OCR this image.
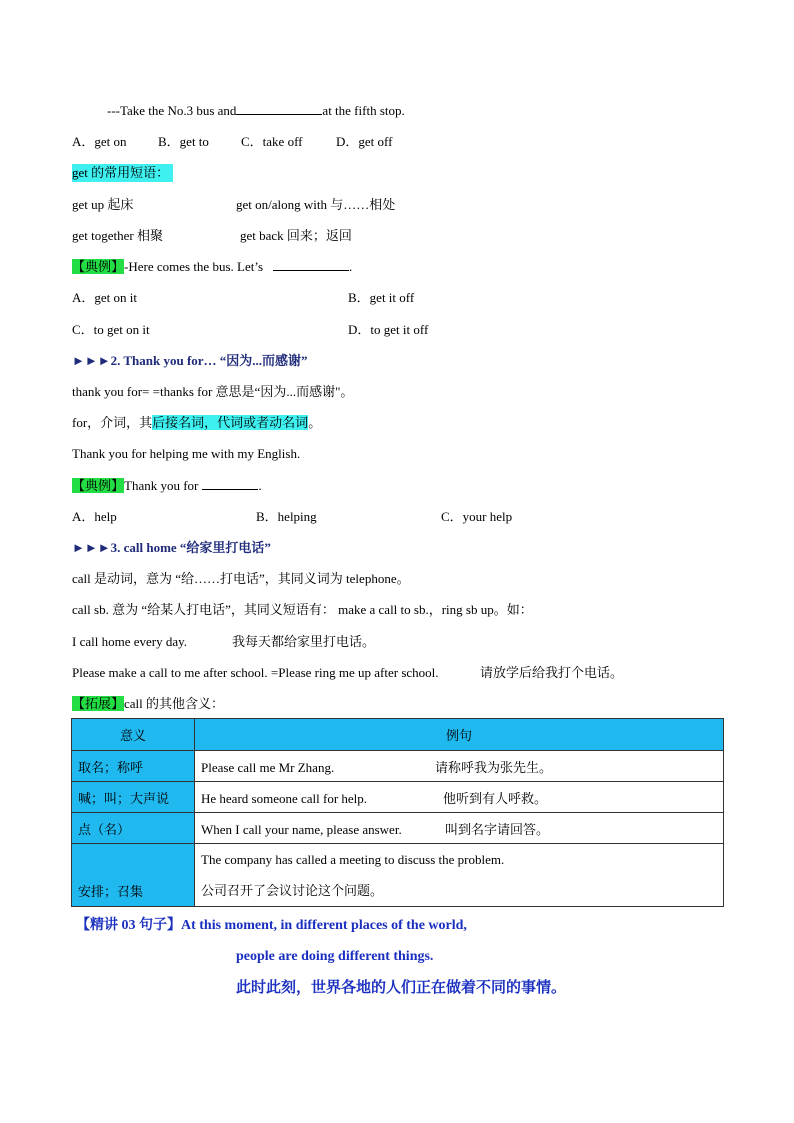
---Take the No.3 bus and	at the fifth stop.
A．get on B．get to C．take off	D．get off
get 的常用短语：
get up 起床	get on/along with 与……相处
get together 相聚	get back 回来；返回
【典例】-Here comes the bus. Let’s	.
A．get on it	B．get it off
C．to get on it	D．to get it off
►►►2. Thank you for… “因为...而感谢”
thank you for= =thanks for 意思是“因为...而感谢"。
for，介词，其后接名词，代词或者动名词。
Thank you for helping me with my English.
【典例】Thank you for	.
A．help	B．helping	C．your help
►►►3. call home “给家里打电话”
call 是动词，意为 “给……打电话”，其同义词为 telephone。
call sb. 意为 “给某人打电话”，其同义短语有： make a call to sb.，ring sb up。如：
I call home every day.	我每天都给家里打电话。
Please make a call to me after school. =Please ring me up after school.	请放学后给我打个电话。
【拓展】call 的其他含义：
意义	例句
取名；称呼	Please call me Mr Zhang. 请称呼我为张先生。
喊；叫；大声说	He heard someone call for help. 他听到有人呼救。
点（名）	When I call your name, please answer. 叫到名字请回答。
安排；召集	The company has called a meeting to discuss the problem.
公司召开了会议讨论这个问题。
【精讲 03 句子】At this moment, in different places of the world,
people are doing different things.
此时此刻，世界各地的人们正在做着不同的事情。
